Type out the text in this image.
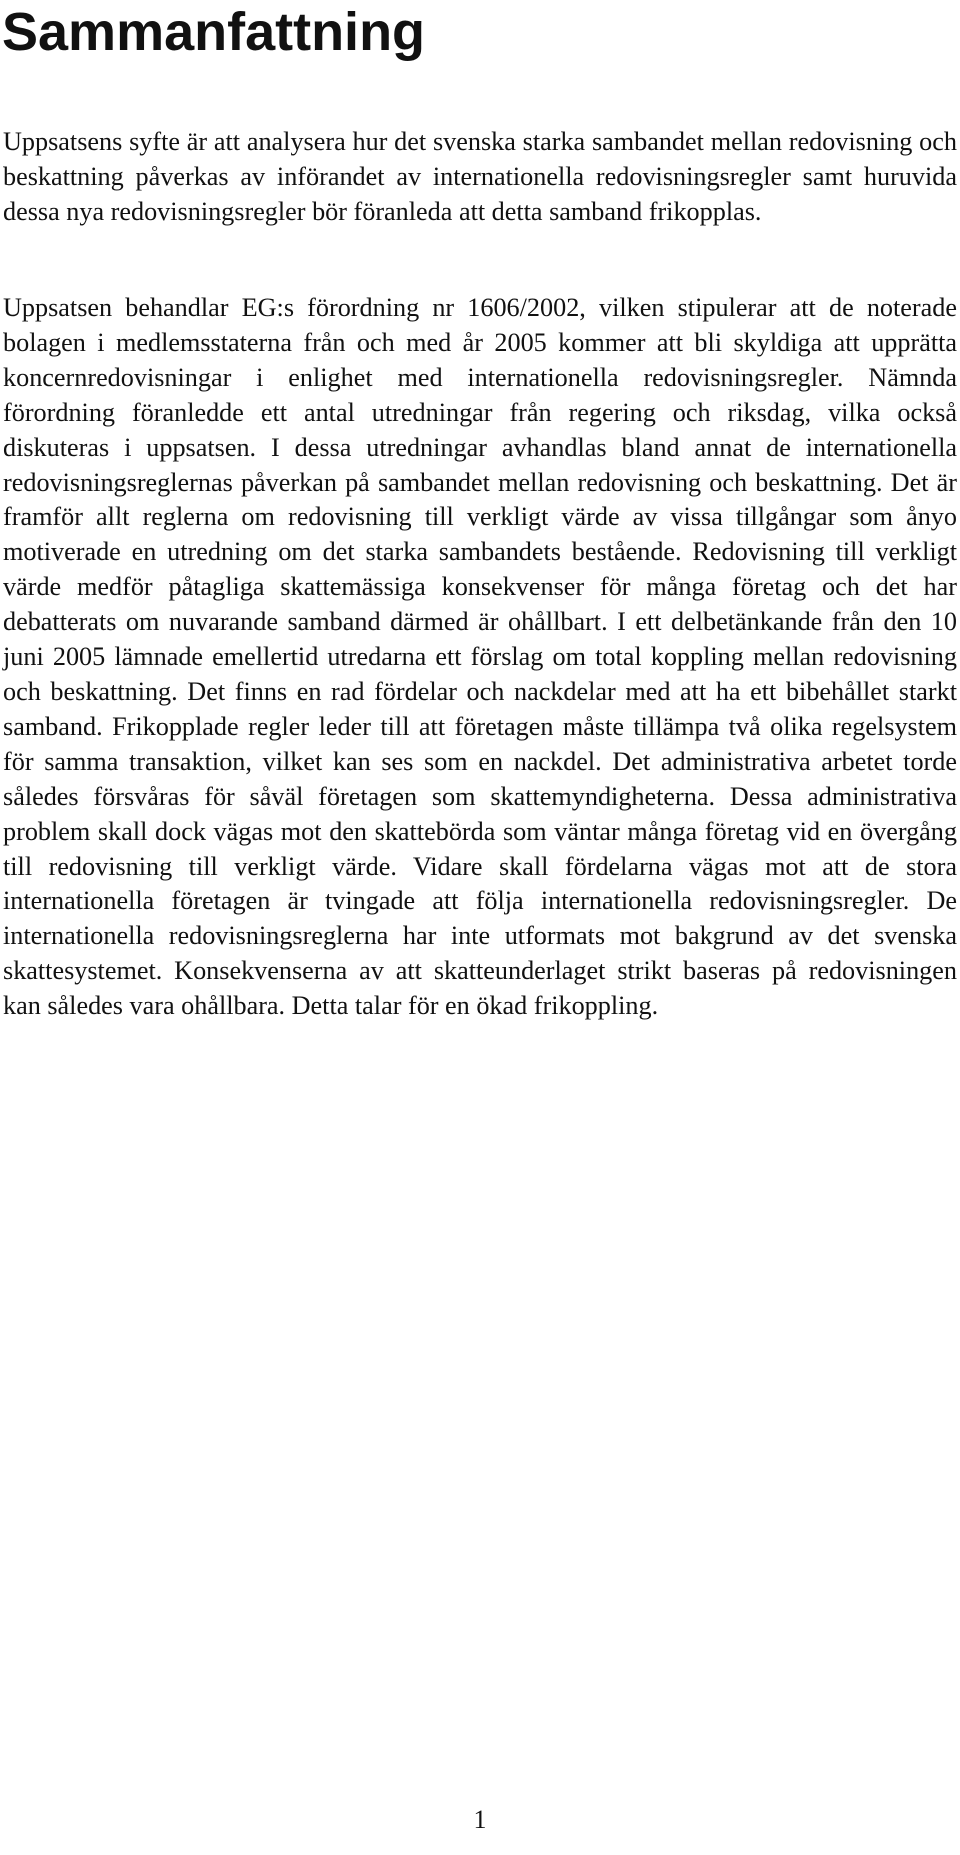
Sammanfattning

Uppsatsens syfte är att analysera hur det svenska starka sambandet mellan redovisning och beskattning påverkas av införandet av internationella redovisningsregler samt huruvida dessa nya redovisningsregler bör föranleda att detta samband frikopplas.

Uppsatsen behandlar EG:s förordning nr 1606/2002, vilken stipulerar att de noterade bolagen i medlemsstaterna från och med år 2005 kommer att bli skyldiga att upprätta koncernredovisningar i enlighet med internationella redovisningsregler. Nämnda förordning föranledde ett antal utredningar från regering och riksdag, vilka också diskuteras i uppsatsen. I dessa utredningar avhandlas bland annat de internationella redovisningsreglernas påverkan på sambandet mellan redovisning och beskattning. Det är framför allt reglerna om redovisning till verkligt värde av vissa tillgångar som ånyo motiverade en utredning om det starka sambandets bestående. Redovisning till verkligt värde medför påtagliga skattemässiga konsekvenser för många företag och det har debatterats om nuvarande samband därmed är ohållbart. I ett delbetänkande från den 10 juni 2005 lämnade emellertid utredarna ett förslag om total koppling mellan redovisning och beskattning. Det finns en rad fördelar och nackdelar med att ha ett bibehållet starkt samband. Frikopplade regler leder till att företagen måste tillämpa två olika regelsystem för samma transaktion, vilket kan ses som en nackdel. Det administrativa arbetet torde således försvåras för såväl företagen som skattemyndigheterna. Dessa administrativa problem skall dock vägas mot den skattebörda som väntar många företag vid en övergång till redovisning till verkligt värde. Vidare skall fördelarna vägas mot att de stora internationella företagen är tvingade att följa internationella redovisningsregler. De internationella redovisningsreglerna har inte utformats mot bakgrund av det svenska skattesystemet. Konsekvenserna av att skatteunderlaget strikt baseras på redovisningen kan således vara ohållbara. Detta talar för en ökad frikoppling.

1
